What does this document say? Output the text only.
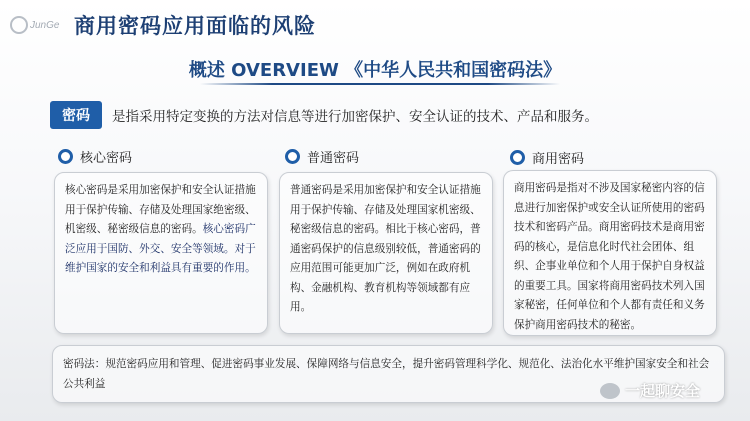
JunGe 商用密码应用面临的风险
概述 OVERVIEW 《中华人民共和国密码法》
密码	是指采用特定变换的方法对信息等进行加密保护、安全认证的技术、产品和服务。
核心密码
核心密码是采用加密保护和安全认证措施用于保护传输、存储及处理国家绝密级、机密级、秘密级信息的密码。核心密码广泛应用于国防、外交、安全等领域。对于维护国家的安全和利益具有重要的作用。
普通密码
普通密码是采用加密保护和安全认证措施用于保护传输、存储及处理国家机密级、秘密级信息的密码。相比于核心密码，普通密码保护的信息级别较低，普通密码的应用范围可能更加广泛，例如在政府机构、金融机构、教育机构等领域都有应用。
商用密码
商用密码是指对不涉及国家秘密内容的信息进行加密保护或安全认证所使用的密码技术和密码产品。商用密码技术是商用密码的核心，是信息化时代社会团体、组织、企事业单位和个人用于保护自身权益的重要工具。国家将商用密码技术列入国家秘密，任何单位和个人都有责任和义务保护商用密码技术的秘密。
密码法：规范密码应用和管理、促进密码事业发展、保障网络与信息安全，提升密码管理科学化、规范化、法治化水平维护国家安全和社会公共利益	一起聊安全
